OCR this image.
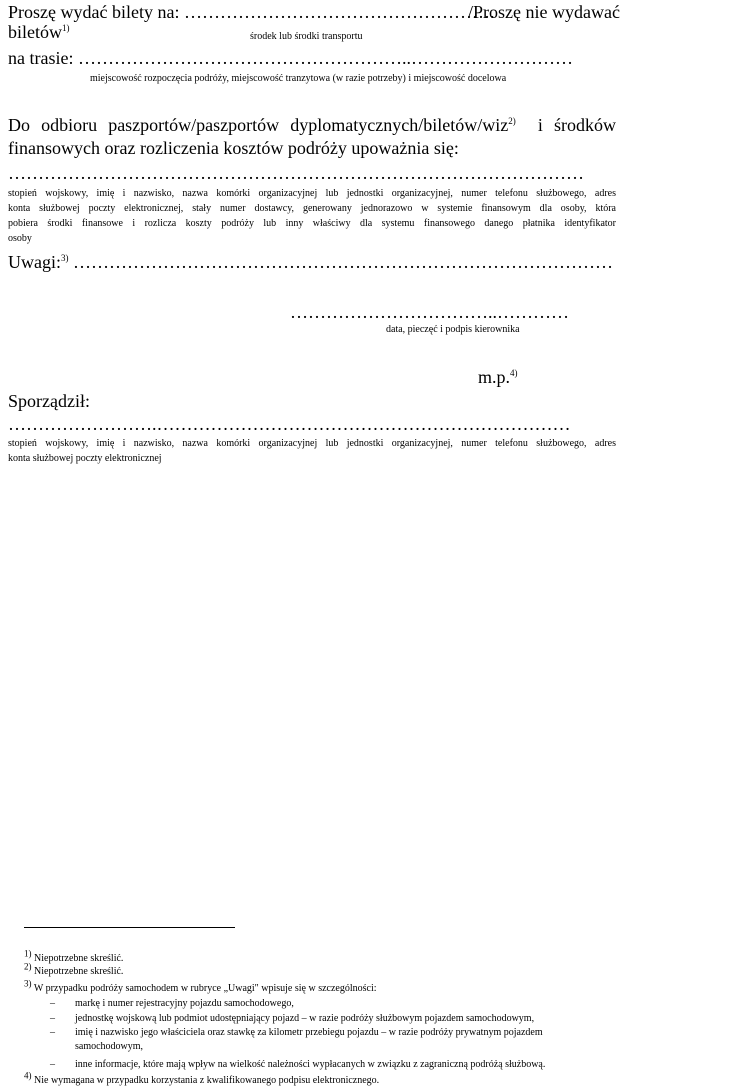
Proszę wydać bilety na: …………………………………………….
/Proszę nie wydawać
biletów$^{1)}$
środek lub środki transportu
na trasie: ………………………………………………..………………………
miejscowość rozpoczęcia podróży, miejscowość tranzytowa (w razie potrzeby) i miejscowość docelowa
Do odbioru paszportów/paszportów dyplomatycznych/biletów/wiz$^{2)}$ i środków
finansowych oraz rozliczenia kosztów podróży upoważnia się:
……………………………………………………………………………………
stopień wojskowy, imię i nazwisko, nazwa komórki organizacyjnej lub jednostki organizacyjnej, numer telefonu służbowego, adres
konta służbowej poczty elektronicznej, stały numer dostawcy, generowany jednorazowo w systemie finansowym dla osoby, która
pobiera środki finansowe i rozlicza koszty podróży lub inny właściwy dla systemu finansowego danego płatnika identyfikator
osoby
Uwagi:$^{3)}$ ………………………………………………………………………………
……………………………..…………
data, pieczęć i podpis kierownika
m.p.$^{4)}$
Sporządził:
…………………….……………………………………………………………
stopień wojskowy, imię i nazwisko, nazwa komórki organizacyjnej lub jednostki organizacyjnej, numer telefonu służbowego, adres
konta służbowej poczty elektronicznej
$^{1)}$ Niepotrzebne skreślić.
$^{2)}$ Niepotrzebne skreślić.
$^{3)}$ W przypadku podróży samochodem w rubryce „Uwagi" wpisuje się w szczególności:
– markę i numer rejestracyjny pojazdu samochodowego,
– jednostkę wojskową lub podmiot udostępniający pojazd – w razie podróży służbowym pojazdem samochodowym,
– imię i nazwisko jego właściciela oraz stawkę za kilometr przebiegu pojazdu – w razie podróży prywatnym pojazdem
samochodowym,
– inne informacje, które mają wpływ na wielkość należności wypłacanych w związku z zagraniczną podróżą służbową.
$^{4)}$ Nie wymagana w przypadku korzystania z kwalifikowanego podpisu elektronicznego.
